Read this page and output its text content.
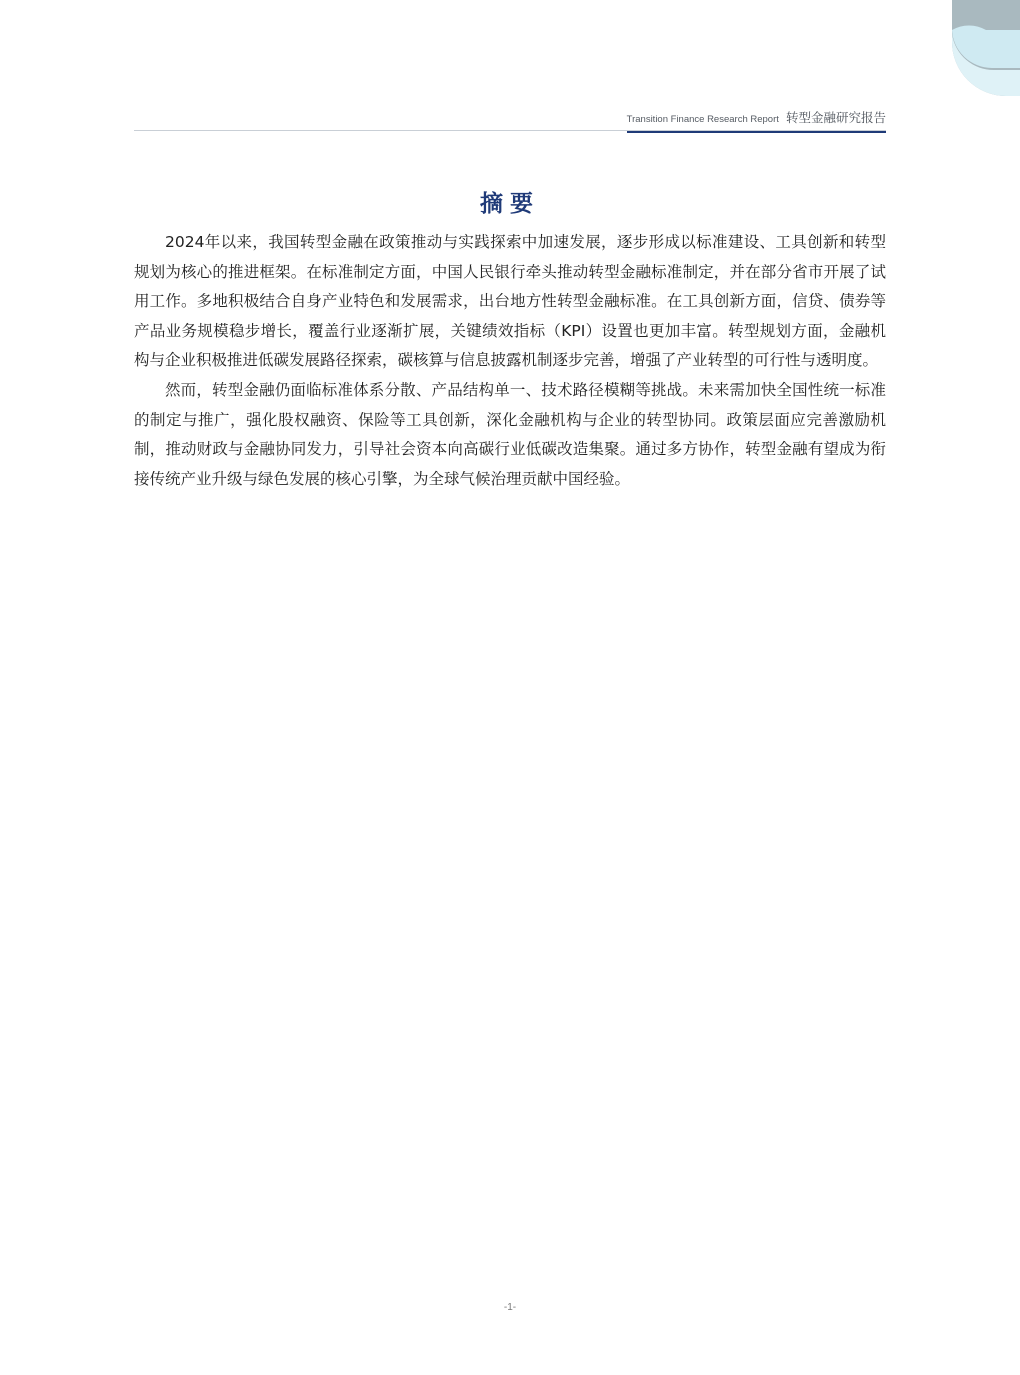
Transition Finance Research Report 转型金融研究报告
摘要

2024年以来，我国转型金融在政策推动与实践探索中加速发展，逐步形成以标准建设、工具创新和转型规划为核心的推进框架。在标准制定方面，中国人民银行牵头推动转型金融标准制定，并在部分省市开展了试用工作。多地积极结合自身产业特色和发展需求，出台地方性转型金融标准。在工具创新方面，信贷、债券等产品业务规模稳步增长，覆盖行业逐渐扩展，关键绩效指标（KPI）设置也更加丰富。转型规划方面，金融机构与企业积极推进低碳发展路径探索，碳核算与信息披露机制逐步完善，增强了产业转型的可行性与透明度。

然而，转型金融仍面临标准体系分散、产品结构单一、技术路径模糊等挑战。未来需加快全国性统一标准的制定与推广，强化股权融资、保险等工具创新，深化金融机构与企业的转型协同。政策层面应完善激励机制，推动财政与金融协同发力，引导社会资本向高碳行业低碳改造集聚。通过多方协作，转型金融有望成为衔接传统产业升级与绿色发展的核心引擎，为全球气候治理贡献中国经验。

-1-
